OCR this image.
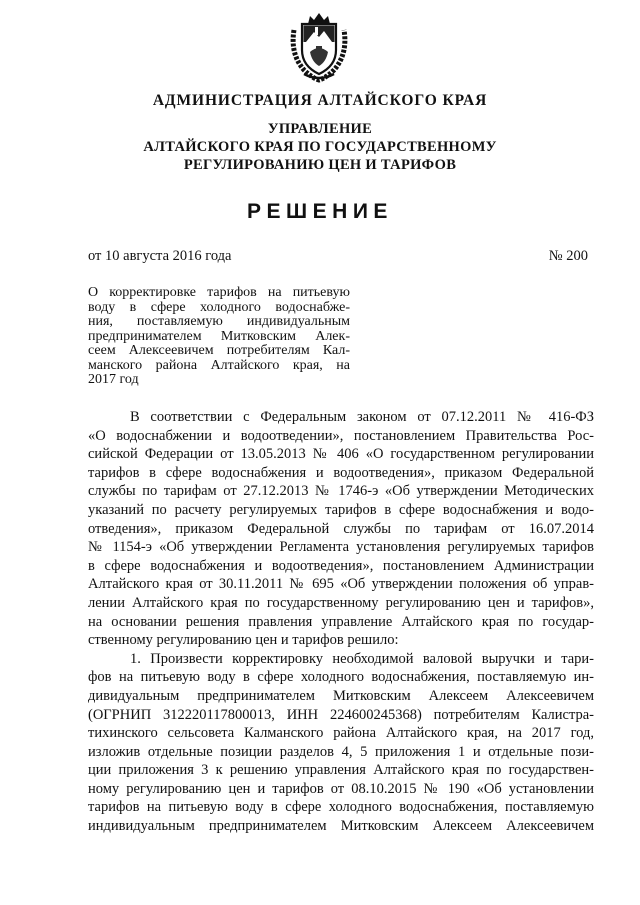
АДМИНИСТРАЦИЯ АЛТАЙСКОГО КРАЯ
УПРАВЛЕНИЕ
АЛТАЙСКОГО КРАЯ ПО ГОСУДАРСТВЕННОМУ
РЕГУЛИРОВАНИЮ ЦЕН И ТАРИФОВ
РЕШЕНИЕ
от 10 августа 2016 года	№ 200
О корректировке тарифов на питьевую
воду в сфере холодного водоснабже-
ния, поставляемую индивидуальным
предпринимателем Митковским Алек-
сеем Алексеевичем потребителям Кал-
манского района Алтайского края, на
2017 год
В соответствии с Федеральным законом от 07.12.2011 № 416-ФЗ
«О водоснабжении и водоотведении», постановлением Правительства Рос-
сийской Федерации от 13.05.2013 № 406 «О государственном регулировании
тарифов в сфере водоснабжения и водоотведения», приказом Федеральной
службы по тарифам от 27.12.2013 № 1746-э «Об утверждении Методических
указаний по расчету регулируемых тарифов в сфере водоснабжения и водо-
отведения», приказом Федеральной службы по тарифам от 16.07.2014
№ 1154-э «Об утверждении Регламента установления регулируемых тарифов
в сфере водоснабжения и водоотведения», постановлением Администрации
Алтайского края от 30.11.2011 № 695 «Об утверждении положения об управ-
лении Алтайского края по государственному регулированию цен и тарифов»,
на основании решения правления управление Алтайского края по государ-
ственному регулированию цен и тарифов решило:
1. Произвести корректировку необходимой валовой выручки и тари-
фов на питьевую воду в сфере холодного водоснабжения, поставляемую ин-
дивидуальным предпринимателем Митковским Алексеем Алексеевичем
(ОГРНИП 312220117800013, ИНН 224600245368) потребителям Калистра-
тихинского сельсовета Калманского района Алтайского края, на 2017 год,
изложив отдельные позиции разделов 4, 5 приложения 1 и отдельные пози-
ции приложения 3 к решению управления Алтайского края по государствен-
ному регулированию цен и тарифов от 08.10.2015 № 190 «Об установлении
тарифов на питьевую воду в сфере холодного водоснабжения, поставляемую
индивидуальным предпринимателем Митковским Алексеем Алексеевичем
